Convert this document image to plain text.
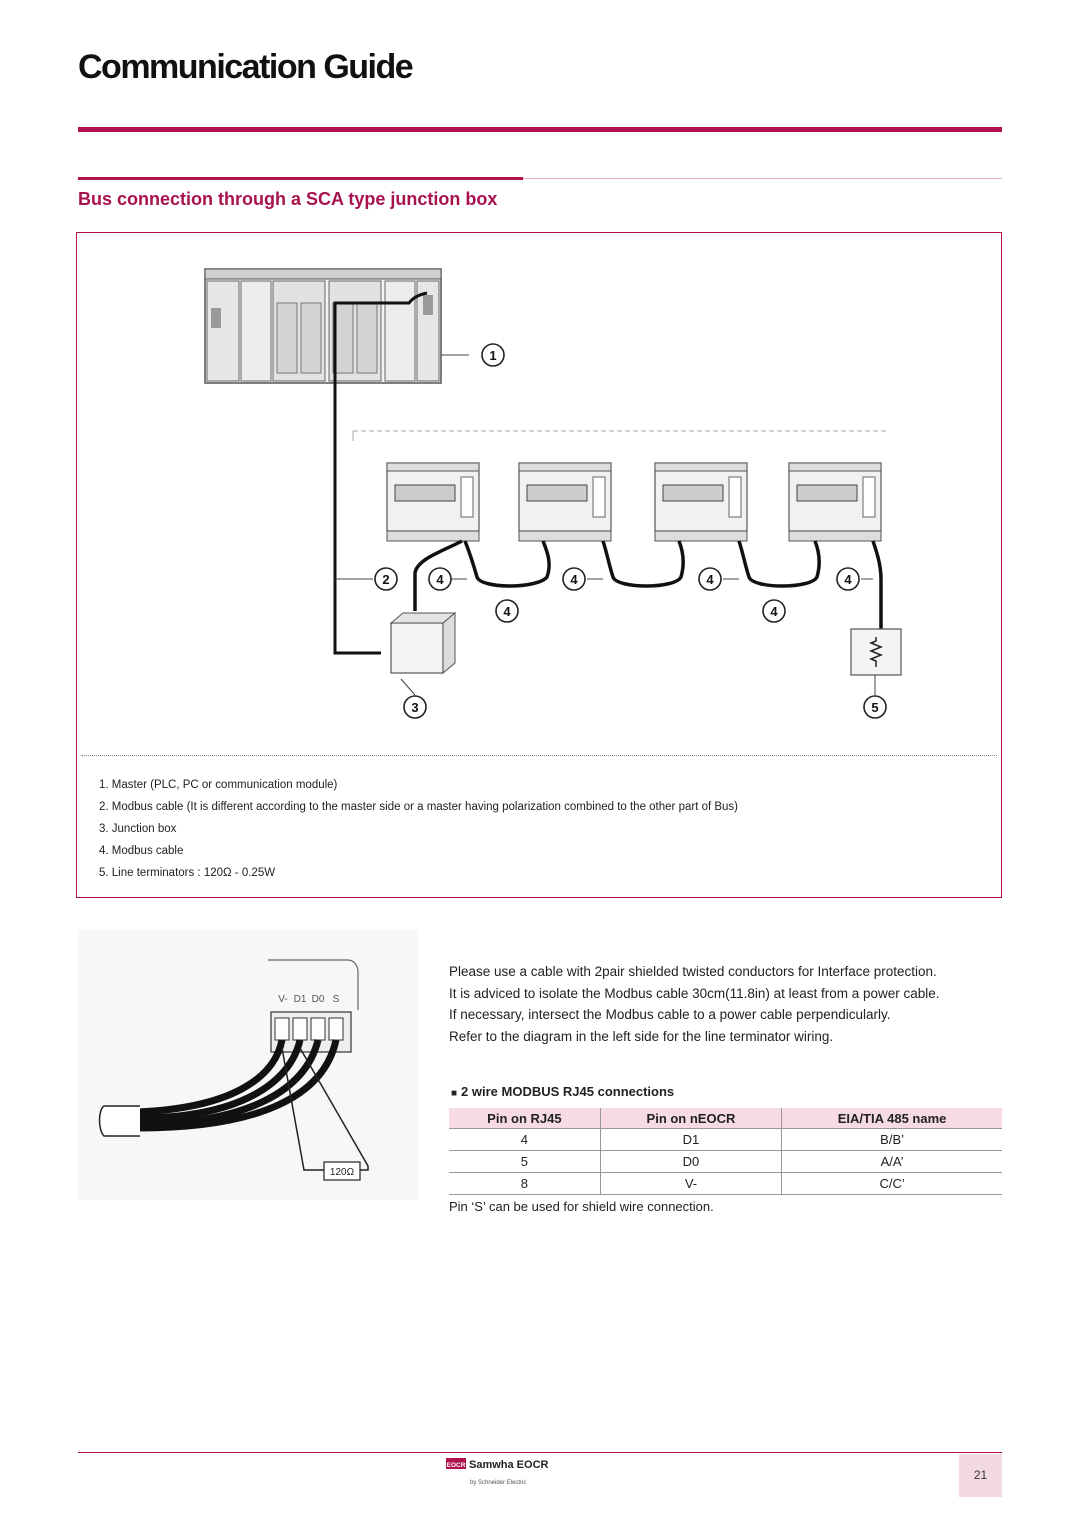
Communication Guide
Bus connection through a SCA type junction box
1
2	4	4	4	4
4	4
3	5
1. Master (PLC, PC or communication module)
2. Modbus cable (It is different according to the master side or a master having polarization combined to the other part of Bus)
3. Junction box
4. Modbus cable
5. Line terminators : 120Ω - 0.25W
V- D1 D0 S
120Ω

Please use a cable with 2pair shielded twisted conductors for Interface protection.

It is adviced to isolate the Modbus cable 30cm(11.8in) at least from a power cable.

If necessary, intersect the Modbus cable to a power cable perpendicularly.

Refer to the diagram in the left side for the line terminator wiring.

■ 2 wire MODBUS RJ45 connections
Pin on RJ45	Pin on nEOCR	EIA/TIA 485 name
4	D1	B/B’
5	D0	A/A’
8	V-	C/C’
Pin ‘S’ can be used for shield wire connection.
EOCR Samwha EOCR
by Schneider Electric
21
